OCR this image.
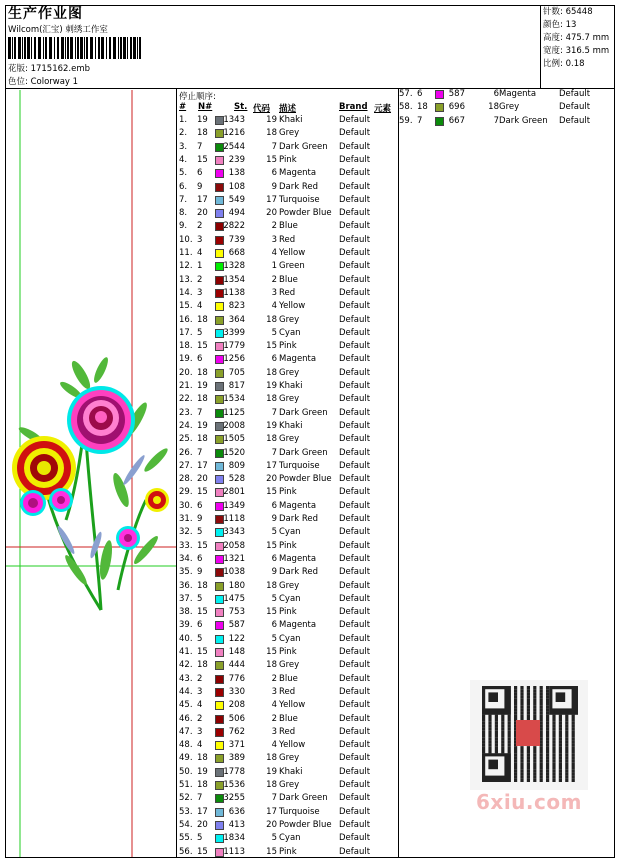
生产作业图
Wilcom(汇宝) 刺绣工作室
花版: 1715162.emb
色位: Colorway 1
针数: 65448
颜色: 13
高度: 475.7 mm
宽度: 316.5 mm
比例: 0.18
停止顺序:
# N#	St. 代码 描述	Brand 元素
1. 19	1343	19 Khaki	Default
2. 18	1216	18 Grey	Default
3. 7	2544	7 Dark Green Default
4. 15	239	15 Pink	Default
5. 6	138	6 Magenta	Default
6. 9	108	9 Dark Red Default
7. 17	549	17 Turquoise Default
8. 20	494	20 Powder Blue Default
9. 2	2822	2 Blue	Default
10. 3	739	3 Red	Default
11. 4	668	4 Yellow	Default
12. 1	1328	1 Green	Default
13. 2	1354	2 Blue	Default
14. 3	1138	3 Red	Default
15. 4	823	4 Yellow	Default
16. 18	364	18 Grey	Default
17. 5	3399	5 Cyan	Default
18. 15	1779	15 Pink	Default
19. 6	1256	6 Magenta	Default
20. 18	705	18 Grey	Default
21. 19	817	19 Khaki	Default
22. 18	1534	18 Grey	Default
23. 7	1125	7 Dark Green Default
24. 19	2008	19 Khaki	Default
25. 18	1505	18 Grey	Default
26. 7	1520	7 Dark Green Default
27. 17	809	17 Turquoise Default
28. 20	528	20 Powder Blue Default
29. 15	2801	15 Pink	Default
30. 6	1349	6 Magenta	Default
31. 9	1118	9 Dark Red Default
32. 5	3343	5 Cyan	Default
33. 15	2058	15 Pink	Default
34. 6	1321	6 Magenta	Default
35. 9	1038	9 Dark Red Default
36. 18	180	18 Grey	Default
37. 5	1475	5 Cyan	Default
38. 15	753	15 Pink	Default
39. 6	587	6 Magenta	Default
40. 5	122	5 Cyan	Default
41. 15	148	15 Pink	Default
42. 18	444	18 Grey	Default
43. 2	776	2 Blue	Default
44. 3	330	3 Red	Default
45. 4	208	4 Yellow	Default
46. 2	506	2 Blue	Default
47. 3	762	3 Red	Default
48. 4	371	4 Yellow	Default
49. 18	389	18 Grey	Default
50. 19	1778	19 Khaki	Default
51. 18	1536	18 Grey	Default
52. 7	3255	7 Dark Green Default
53. 17	636	17 Turquoise Default
54. 20	413	20 Powder Blue Default
55. 5	1834	5 Cyan	Default
56. 15	1113	15 Pink	Default
57. 6	587	6 Magenta	Default
58. 18	696	18 Grey	Default
59. 7	667	7 Dark Green Default
6xiu.com
